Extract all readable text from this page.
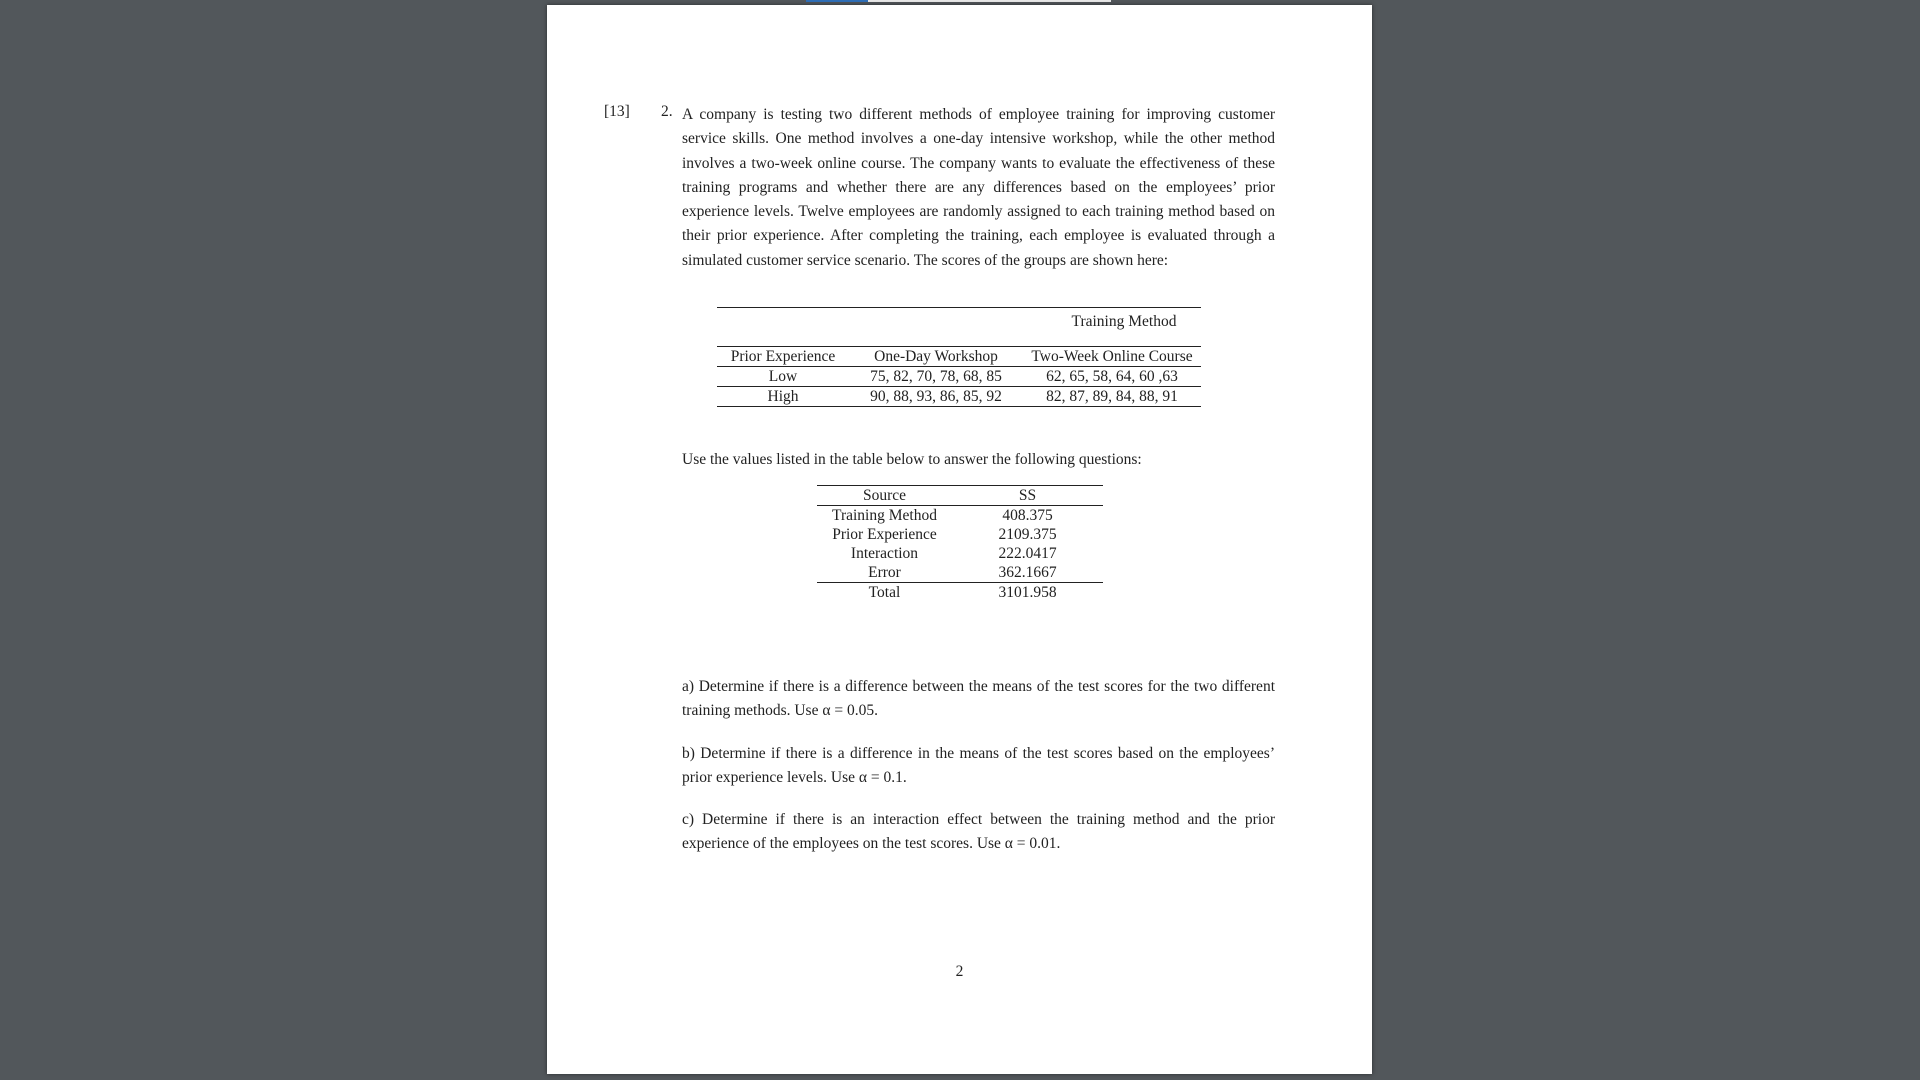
[13] 2. A company is testing two different methods of employee training for improving customer service skills. One method involves a one-day intensive workshop, while the other method involves a two-week online course. The company wants to evaluate the effectiveness of these training programs and whether there are any differences based on the employees’ prior experience levels. Twelve employees are randomly assigned to each training method based on their prior experience. After completing the training, each employee is evaluated through a simulated customer service scenario. The scores of the groups are shown here:
Training Method
Prior Experience	One-Day Workshop	Two-Week Online Course
Low	75, 82, 70, 78, 68, 85	62, 65, 58, 64, 60 ,63
High	90, 88, 93, 86, 85, 92	82, 87, 89, 84, 88, 91
Use the values listed in the table below to answer the following questions:
Source	SS
Training Method	408.375
Prior Experience	2109.375
Interaction	222.0417
Error	362.1667
Total	3101.958
a) Determine if there is a difference between the means of the test scores for the two different training methods. Use α = 0.05.
b) Determine if there is a difference in the means of the test scores based on the employees’ prior experience levels. Use α = 0.1.
c) Determine if there is an interaction effect between the training method and the prior experience of the employees on the test scores. Use α = 0.01.
2
